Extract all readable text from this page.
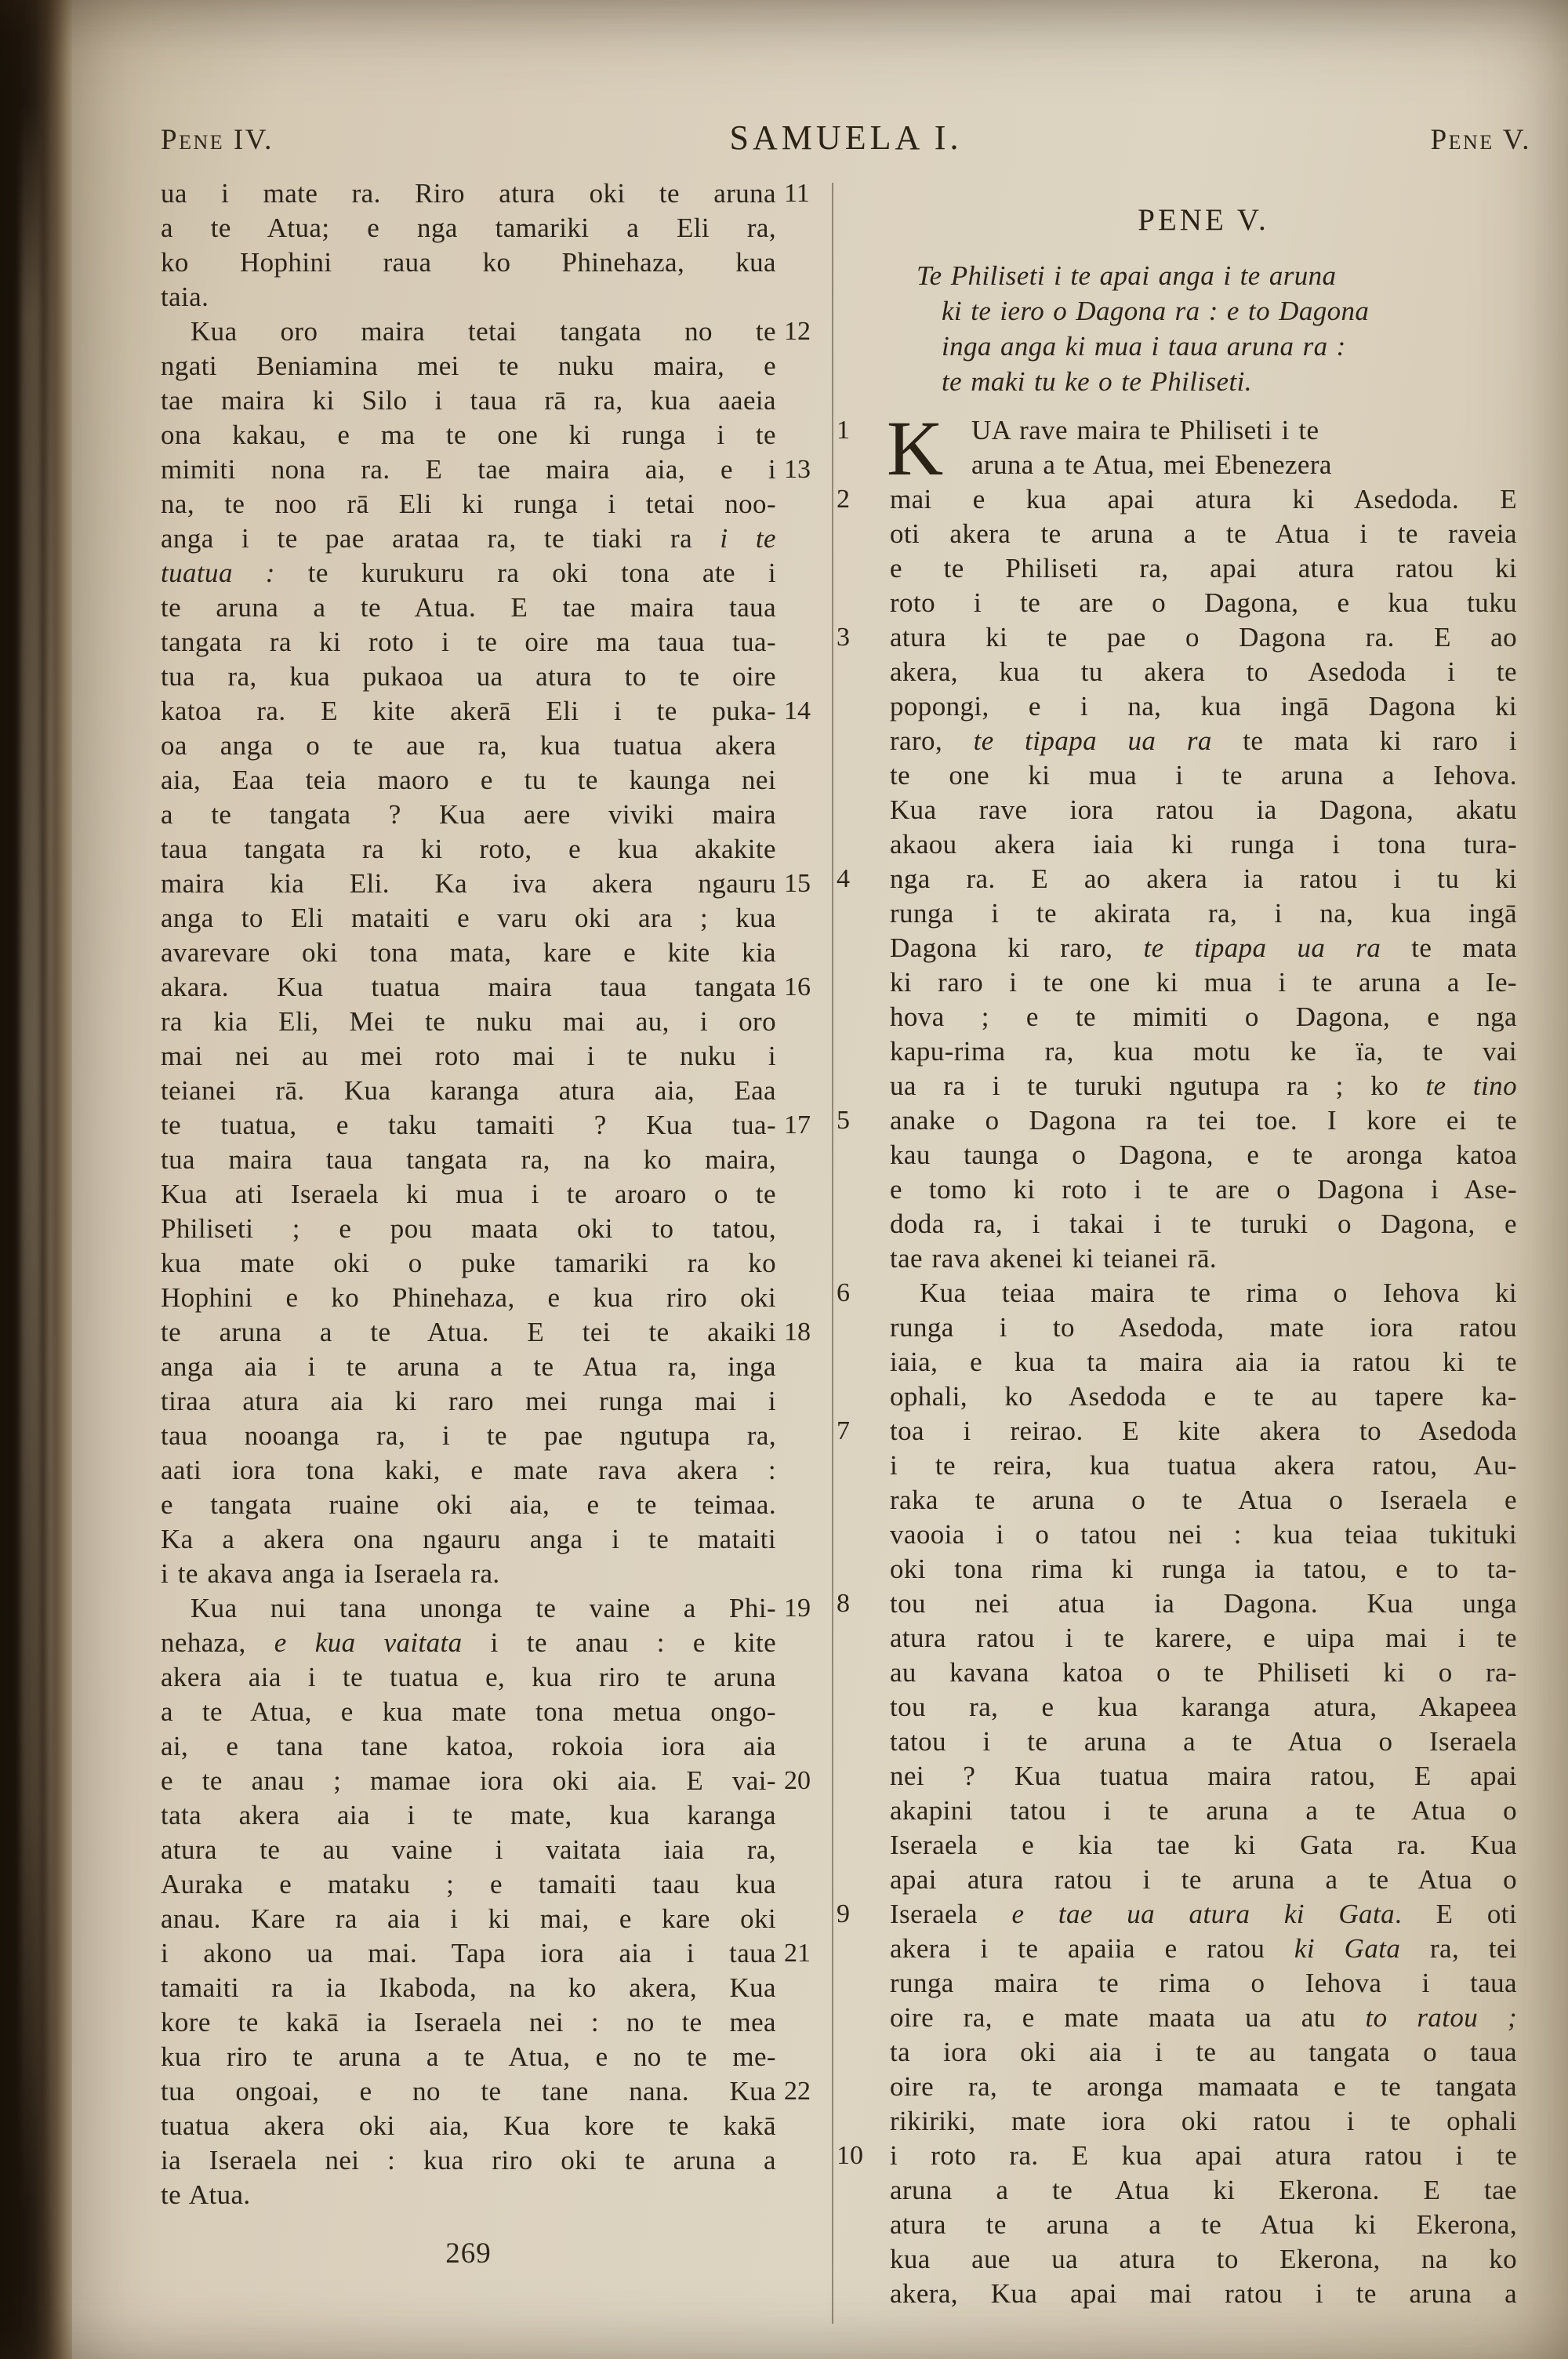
Pene IV.	SAMUELA I.	Pene V.
11
ua i mate ra. Riro atura oki te aruna
a te Atua; e nga tamariki a Eli ra,
ko Hophini raua ko Phinehaza, kua
taia.
12
Kua oro maira tetai tangata no te
ngati Beniamina mei te nuku maira, e
tae maira ki Silo i taua rā ra, kua aaeia
ona kakau, e ma te one ki runga i te
13
mimiti nona ra. E tae maira aia, e i
na, te noo rā Eli ki runga i tetai noo-
anga i te pae arataa ra, te tiaki ra i te
tuatua : te kurukuru ra oki tona ate i
te aruna a te Atua. E tae maira taua
tangata ra ki roto i te oire ma taua tua-
tua ra, kua pukaoa ua atura to te oire
14
katoa ra. E kite akerā Eli i te puka-
oa anga o te aue ra, kua tuatua akera
aia, Eaa teia maoro e tu te kaunga nei
a te tangata ? Kua aere viviki maira
taua tangata ra ki roto, e kua akakite
15
maira kia Eli. Ka iva akera ngauru
anga to Eli mataiti e varu oki ara ; kua
avarevare oki tona mata, kare e kite kia
16
akara. Kua tuatua maira taua tangata
ra kia Eli, Mei te nuku mai au, i oro
mai nei au mei roto mai i te nuku i
teianei rā. Kua karanga atura aia, Eaa
17
te tuatua, e taku tamaiti ? Kua tua-
tua maira taua tangata ra, na ko maira,
Kua ati Iseraela ki mua i te aroaro o te
Philiseti ; e pou maata oki to tatou,
kua mate oki o puke tamariki ra ko
Hophini e ko Phinehaza, e kua riro oki
18
te aruna a te Atua. E tei te akaiki
anga aia i te aruna a te Atua ra, inga
tiraa atura aia ki raro mei runga mai i
taua nooanga ra, i te pae ngutupa ra,
aati iora tona kaki, e mate rava akera :
e tangata ruaine oki aia, e te teimaa.
Ka a akera ona ngauru anga i te mataiti
i te akava anga ia Iseraela ra.
19
Kua nui tana unonga te vaine a Phi-
nehaza, e kua vaitata i te anau : e kite
akera aia i te tuatua e, kua riro te aruna
a te Atua, e kua mate tona metua ongo-
ai, e tana tane katoa, rokoia iora aia
20
e te anau ; mamae iora oki aia. E vai-
tata akera aia i te mate, kua karanga
atura te au vaine i vaitata iaia ra,
Auraka e mataku ; e tamaiti taau kua
anau. Kare ra aia i ki mai, e kare oki
21
i akono ua mai. Tapa iora aia i taua
tamaiti ra ia Ikaboda, na ko akera, Kua
kore te kakā ia Iseraela nei : no te mea
kua riro te aruna a te Atua, e no te me-
22
tua ongoai, e no te tane nana. Kua
tuatua akera oki aia, Kua kore te kakā
ia Iseraela nei : kua riro oki te aruna a
te Atua.
PENE V.
Te Philiseti i te apai anga i te aruna
ki te iero o Dagona ra : e to Dagona
inga anga ki mua i taua aruna ra :
te maki tu ke o te Philiseti.
1 K UA rave maira te Philiseti i te
aruna a te Atua, mei Ebenezera
2	mai e kua apai atura ki Asedoda. E
oti akera te aruna a te Atua i te raveia
e te Philiseti ra, apai atura ratou ki
roto i te are o Dagona, e kua tuku
3	atura ki te pae o Dagona ra. E ao
akera, kua tu akera to Asedoda i te
popongi, e i na, kua ingā Dagona ki
raro, te tipapa ua ra te mata ki raro i
te one ki mua i te aruna a Iehova.
Kua rave iora ratou ia Dagona, akatu
akaou akera iaia ki runga i tona tura-
4	nga ra. E ao akera ia ratou i tu ki
runga i te akirata ra, i na, kua ingā
Dagona ki raro, te tipapa ua ra te mata
ki raro i te one ki mua i te aruna a Ie-
hova ; e te mimiti o Dagona, e nga
kapu-rima ra, kua motu ke ïa, te vai
ua ra i te turuki ngutupa ra ; ko te tino
5	anake o Dagona ra tei toe. I kore ei te
kau taunga o Dagona, e te aronga katoa
e tomo ki roto i te are o Dagona i Ase-
doda ra, i takai i te turuki o Dagona, e
tae rava akenei ki teianei rā.
6	Kua teiaa maira te rima o Iehova ki
runga i to Asedoda, mate iora ratou
iaia, e kua ta maira aia ia ratou ki te
ophali, ko Asedoda e te au tapere ka-
7	toa i reirao. E kite akera to Asedoda
i te reira, kua tuatua akera ratou, Au-
raka te aruna o te Atua o Iseraela e
vaooia i o tatou nei : kua teiaa tukituki
oki tona rima ki runga ia tatou, e to ta-
8	tou nei atua ia Dagona. Kua unga
atura ratou i te karere, e uipa mai i te
au kavana katoa o te Philiseti ki o ra-
tou ra, e kua karanga atura, Akapeea
tatou i te aruna a te Atua o Iseraela
nei ? Kua tuatua maira ratou, E apai
akapini tatou i te aruna a te Atua o
Iseraela e kia tae ki Gata ra. Kua
apai atura ratou i te aruna a te Atua o
9	Iseraela e tae ua atura ki Gata. E oti
akera i te apaiia e ratou ki Gata ra, tei
runga maira te rima o Iehova i taua
oire ra, e mate maata ua atu to ratou ;
ta iora oki aia i te au tangata o taua
oire ra, te aronga mamaata e te tangata
rikiriki, mate iora oki ratou i te ophali
10 i roto ra. E kua apai atura ratou i te
aruna a te Atua ki Ekerona. E tae
atura te aruna a te Atua ki Ekerona,
kua aue ua atura to Ekerona, na ko
akera, Kua apai mai ratou i te aruna a
269
